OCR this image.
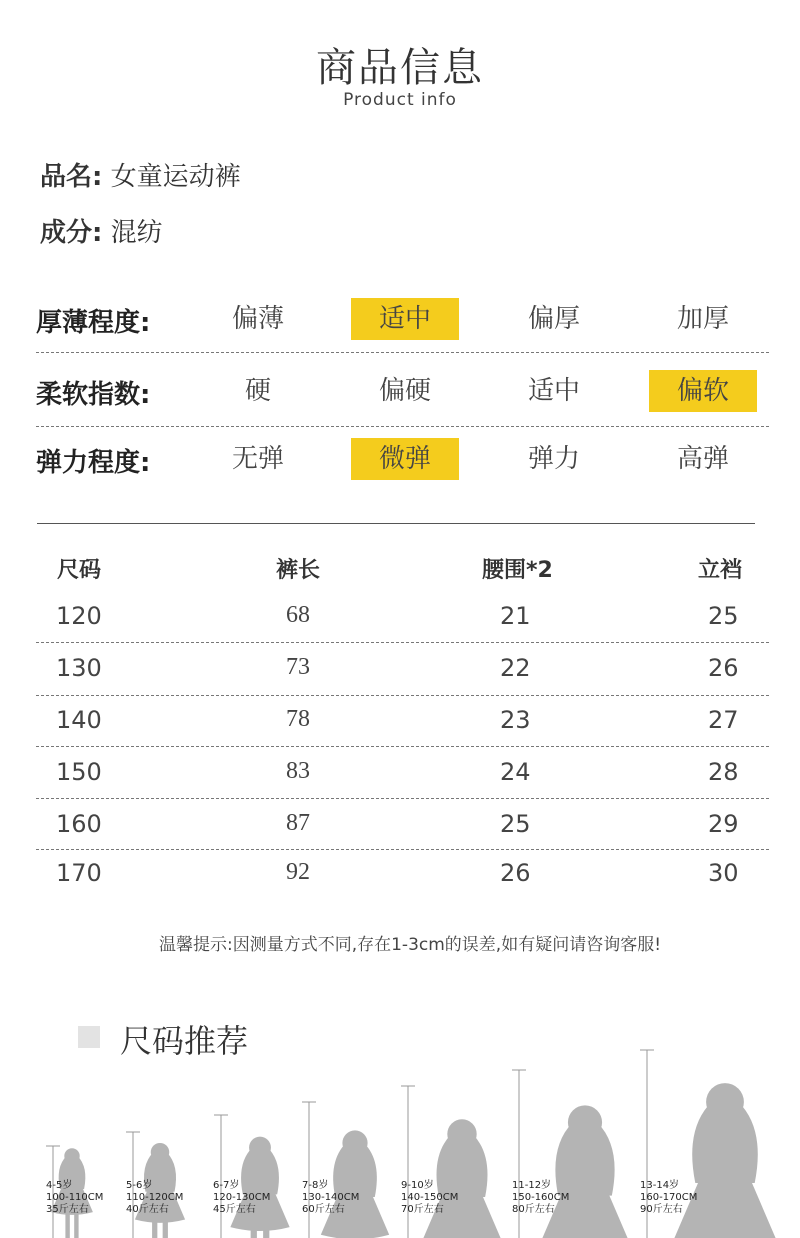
商品信息
Product info
品名: 女童运动裤
成分: 混纺
厚薄程度:	偏薄	适中	偏厚	加厚
柔软指数:	硬	偏硬	适中	偏软
弹力程度:	无弹	微弹	弹力	高弹
尺码	裤长	腰围*2	立裆
120	68	21	25
130	73	22	26
140	78	23	27
150	83	24	28
160	87	25	29
170	92	26	30
温馨提示:因测量方式不同,存在1-3cm的误差,如有疑问请咨询客服!
尺码推荐
4-5岁
100-110CM
35斤左右
5-6岁
110-120CM
40斤左右
6-7岁
120-130CM
45斤左右
7-8岁
130-140CM
60斤左右
9-10岁
140-150CM
70斤左右
11-12岁
150-160CM
80斤左右
13-14岁
160-170CM
90斤左右
